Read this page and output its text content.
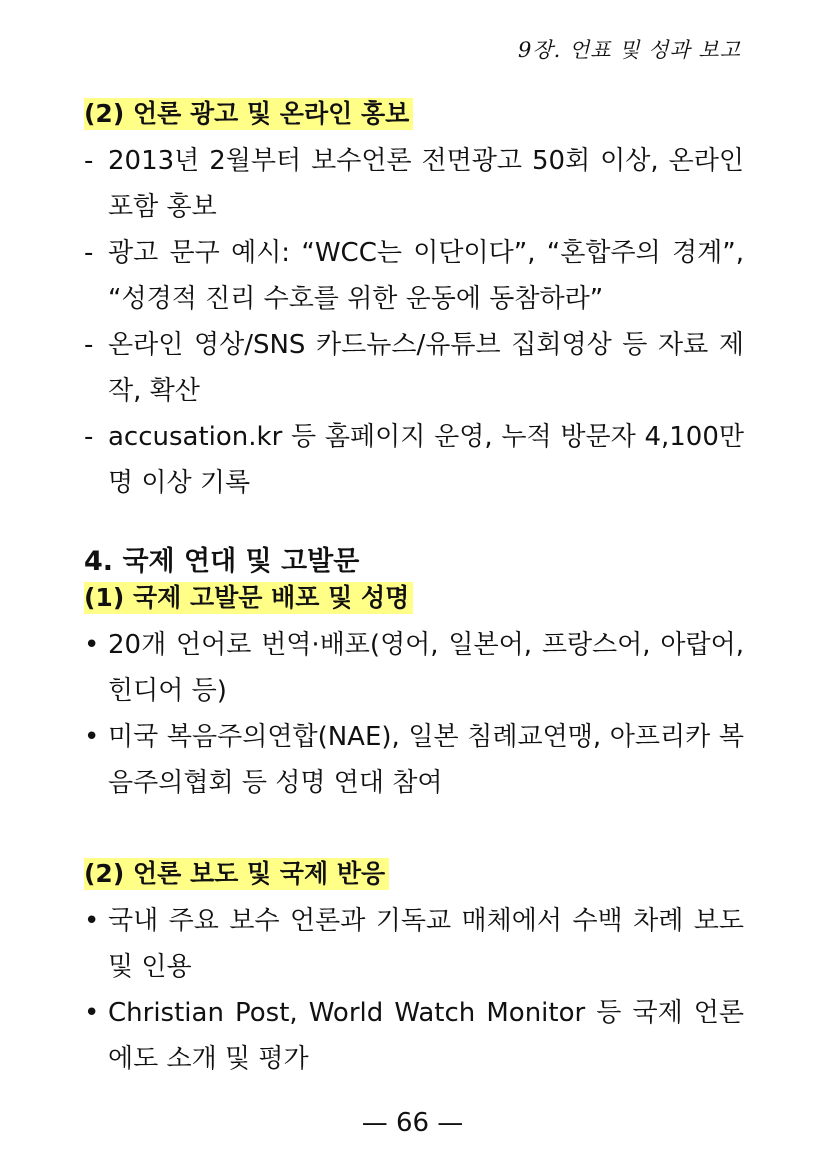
9장. 언표 및 성과 보고
(2) 언론 광고 및 온라인 홍보
- 2013년 2월부터 보수언론 전면광고 50회 이상, 온라인 포함 홍보
- 광고 문구 예시: “WCC는 이단이다”, “혼합주의 경계”, “성경적 진리 수호를 위한 운동에 동참하라”
- 온라인 영상/SNS 카드뉴스/유튜브 집회영상 등 자료 제작, 확산
- accusation.kr 등 홈페이지 운영, 누적 방문자 4,100만 명 이상 기록
4. 국제 연대 및 고발문
(1) 국제 고발문 배포 및 성명
• 20개 언어로 번역·배포(영어, 일본어, 프랑스어, 아랍어, 힌디어 등)
• 미국 복음주의연합(NAE), 일본 침례교연맹, 아프리카 복음주의협회 등 성명 연대 참여
(2) 언론 보도 및 국제 반응
• 국내 주요 보수 언론과 기독교 매체에서 수백 차례 보도 및 인용
• Christian Post, World Watch Monitor 등 국제 언론에도 소개 및 평가
— 66 —
